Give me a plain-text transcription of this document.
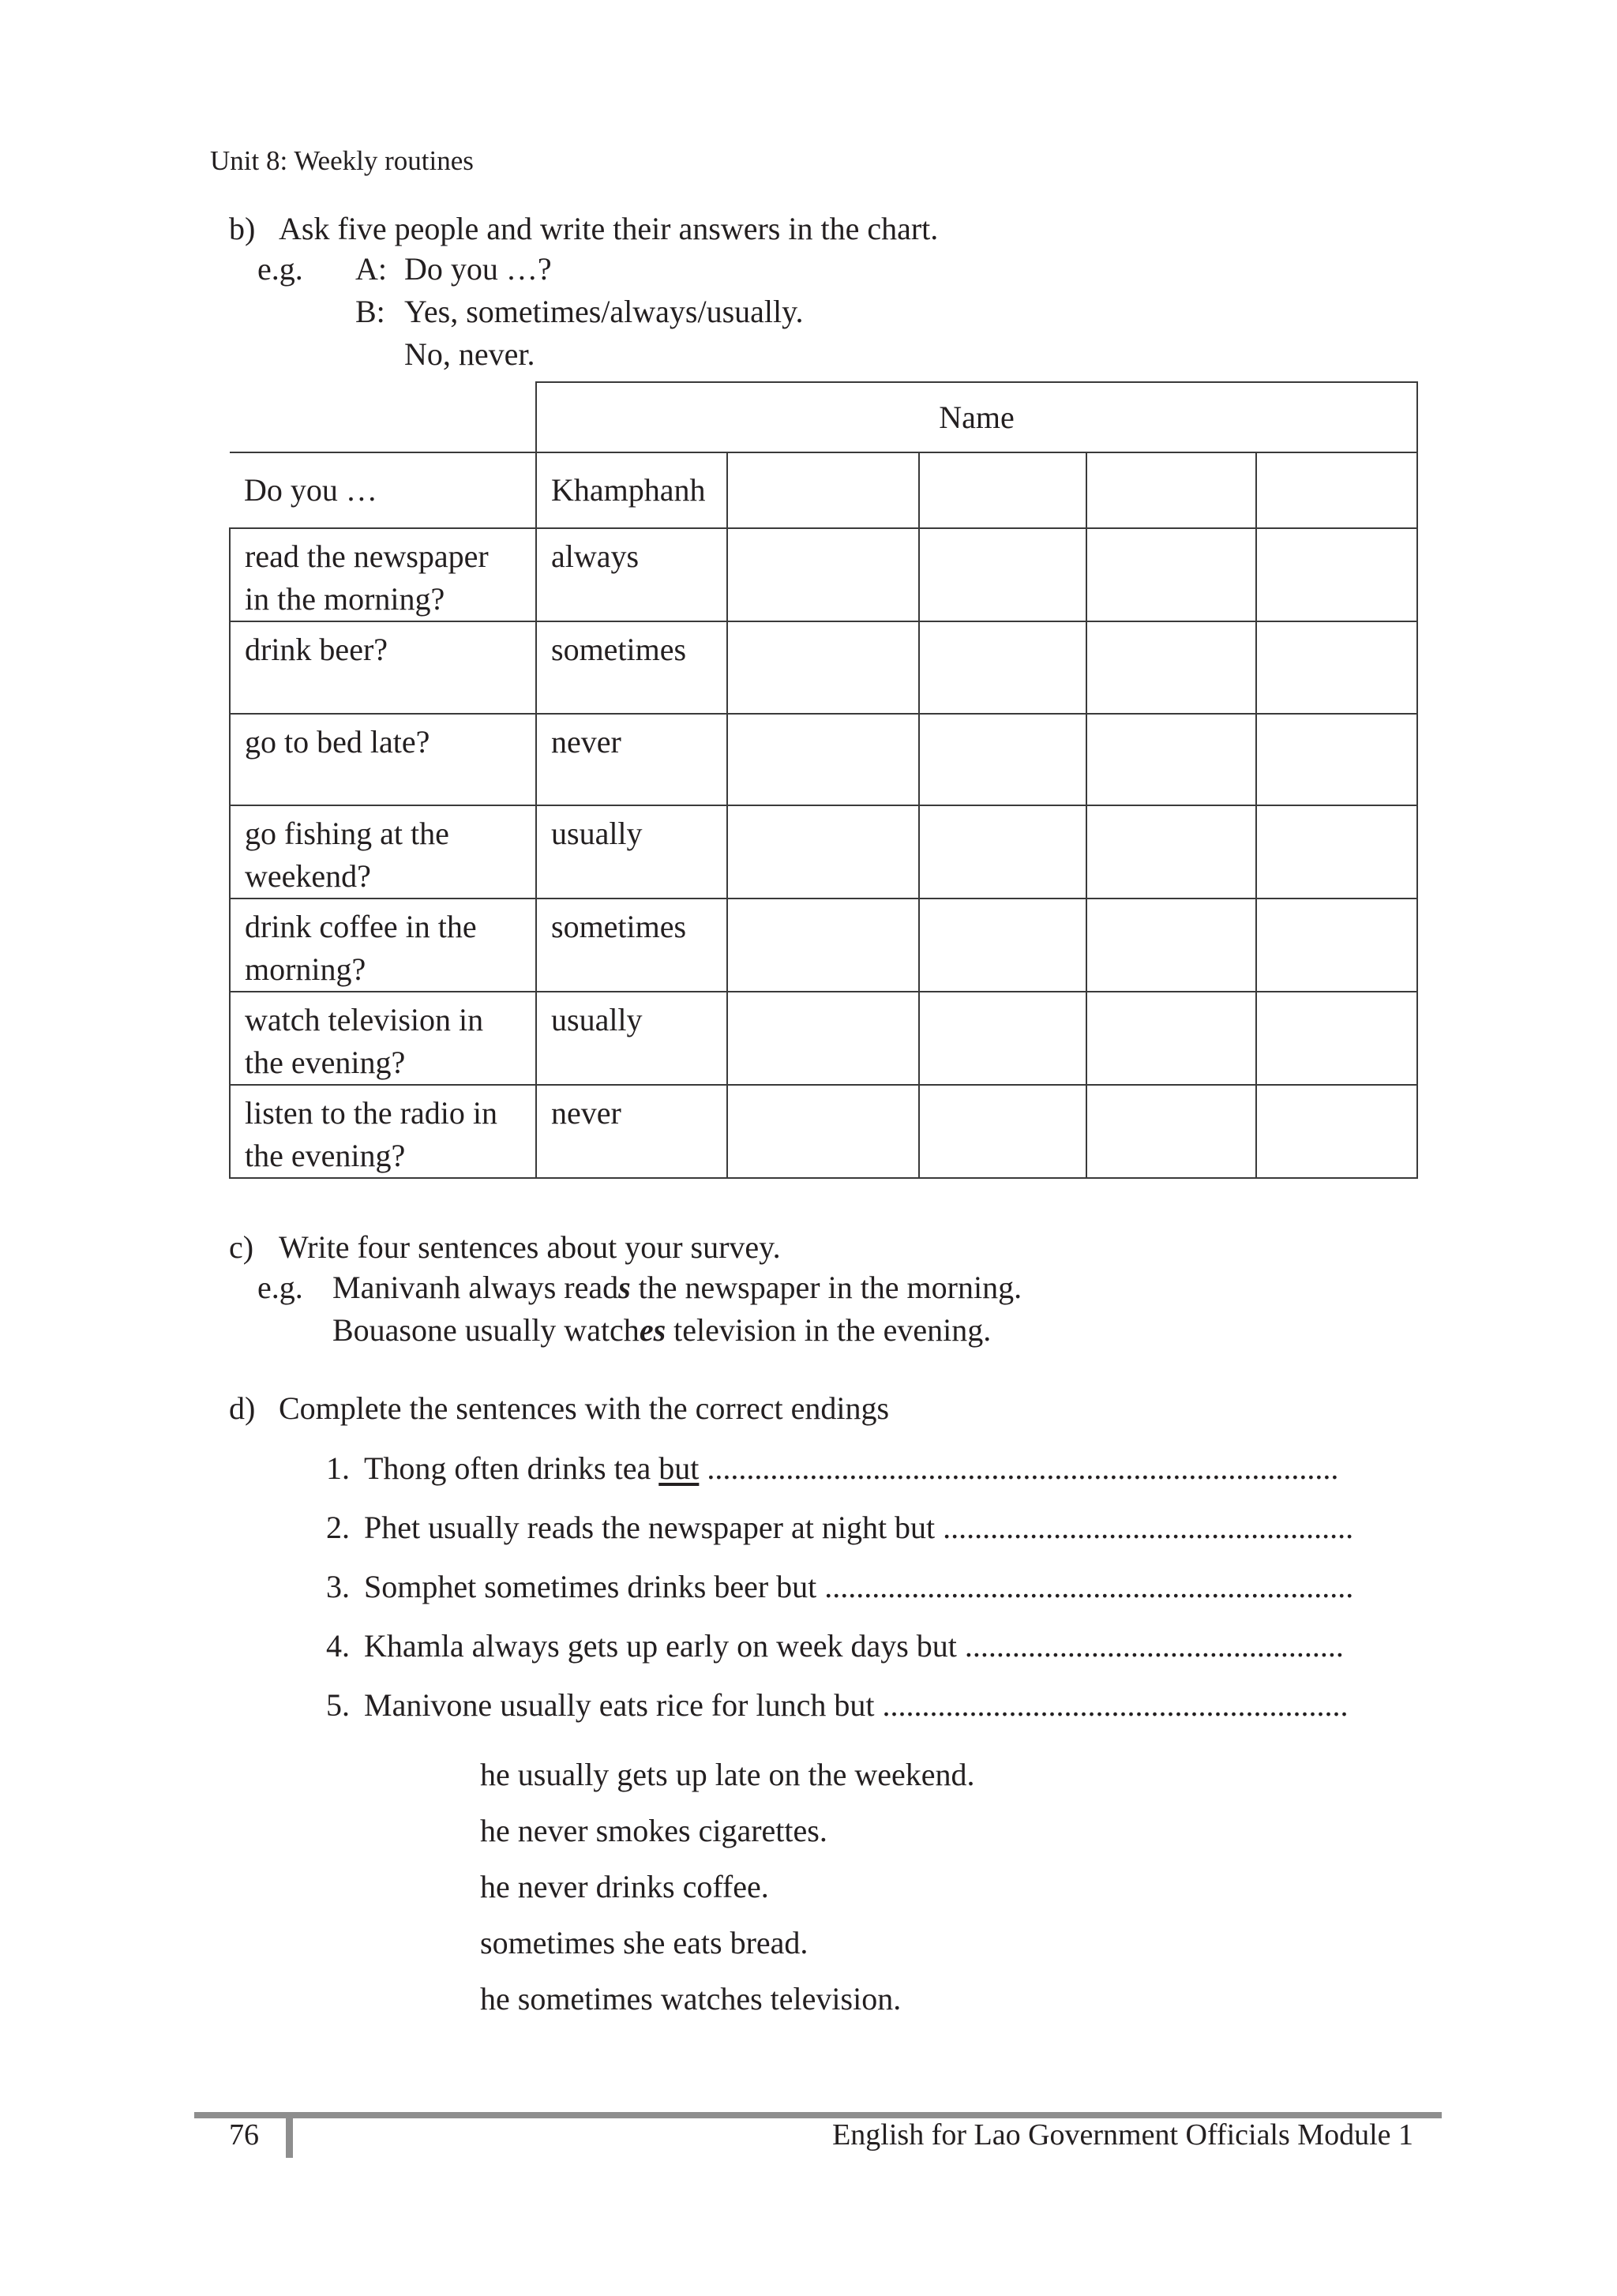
Unit 8: Weekly routines
b) Ask five people and write their answers in the chart.
e.g. A: Do you …?
B: Yes, sometimes/always/usually.
No, never.
	Name				
Do you …	Khamphanh				

read the newspaper
in the morning?	always				

drink beer?	sometimes				

go to bed late?	never				

go fishing at the
weekend?	usually				

drink coffee in the
morning?	sometimes				

watch television in
the evening?	usually				

listen to the radio in
the evening?	never				
c) Write four sentences about your survey.
e.g. Manivanh always reads the newspaper in the morning.
Bouasone usually watches television in the evening.
d) Complete the sentences with the correct endings
1. Thong often drinks tea but ................................................................................
2. Phet usually reads the newspaper at night but ....................................................
3. Somphet sometimes drinks beer but ...................................................................
4. Khamla always gets up early on week days but ................................................
5. Manivone usually eats rice for lunch but ...........................................................
he usually gets up late on the weekend.
he never smokes cigarettes.
he never drinks coffee.
sometimes she eats bread.
he sometimes watches television.
76	English for Lao Government Officials Module 1
